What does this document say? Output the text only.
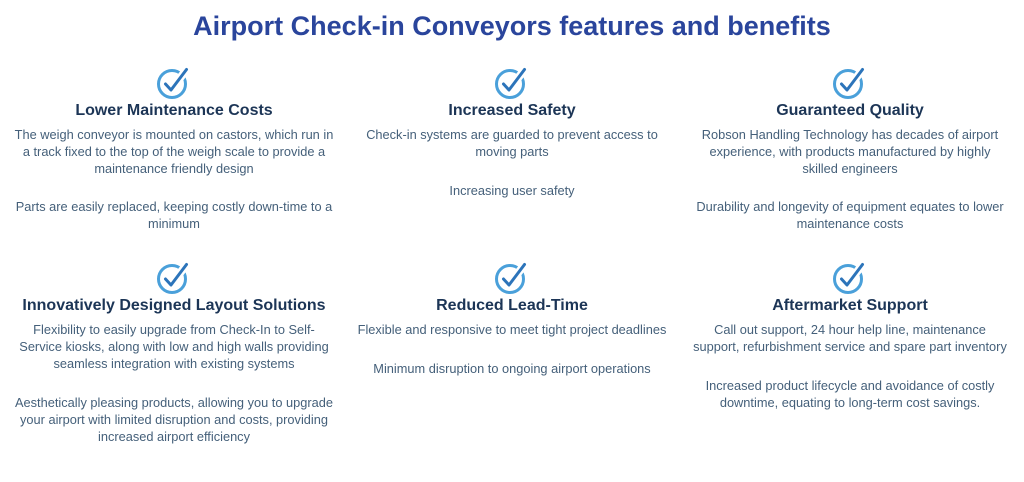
Airport Check-in Conveyors features and benefits
Lower Maintenance Costs

The weigh conveyor is mounted on castors, which run in a track fixed to the top of the weigh scale to provide a maintenance friendly design

Parts are easily replaced, keeping costly down-time to a minimum

Increased Safety

Check-in systems are guarded to prevent access to moving parts

Increasing user safety

Guaranteed Quality

Robson Handling Technology has decades of airport experience, with products manufactured by highly skilled engineers

Durability and longevity of equipment equates to lower maintenance costs

Innovatively Designed Layout Solutions

Flexibility to easily upgrade from Check-In to Self-Service kiosks, along with low and high walls providing seamless integration with existing systems

Aesthetically pleasing products, allowing you to upgrade your airport with limited disruption and costs, providing increased airport efficiency

Reduced Lead-Time

Flexible and responsive to meet tight project deadlines

Minimum disruption to ongoing airport operations

Aftermarket Support

Call out support, 24 hour help line, maintenance support, refurbishment service and spare part inventory

Increased product lifecycle and avoidance of costly downtime, equating to long-term cost savings.
